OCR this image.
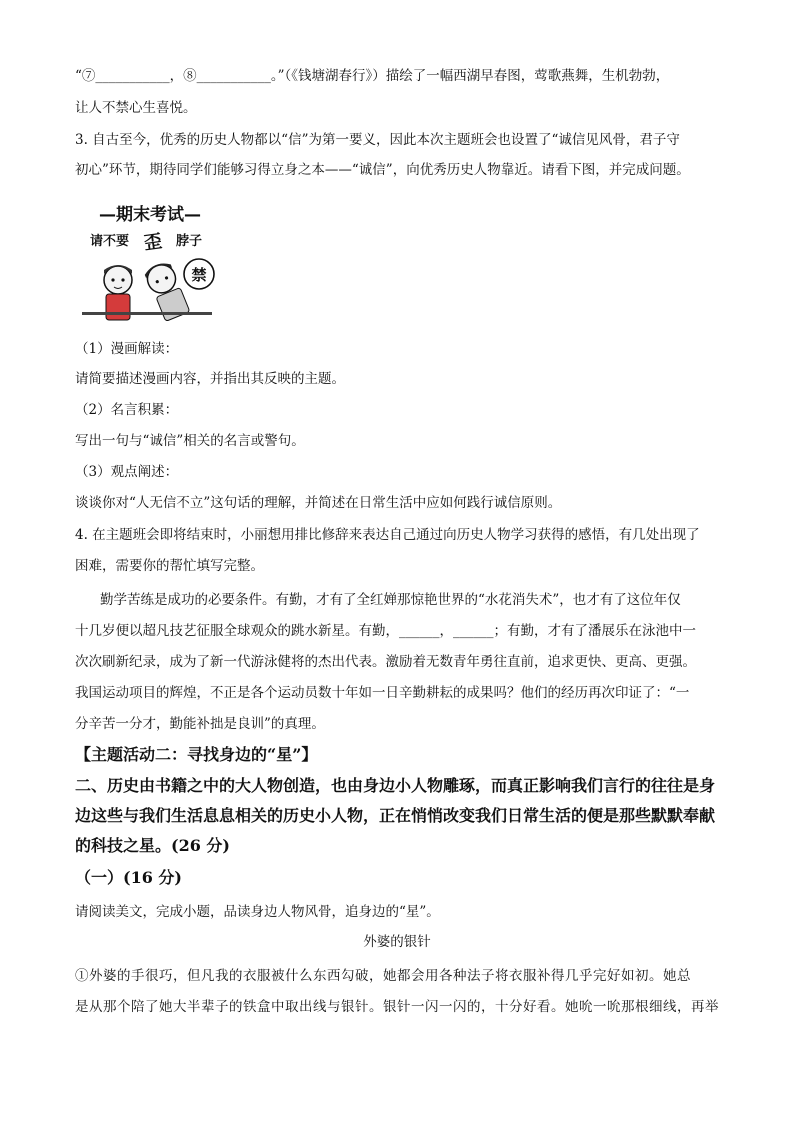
“⑦___________，⑧___________。”（《钱塘湖春行》）描绘了一幅西湖早春图，莺歌燕舞，生机勃勃，
让人不禁心生喜悦。
3. 自古至今，优秀的历史人物都以“信”为第一要义，因此本次主题班会也设置了“诚信见风骨，君子守
初心”环节，期待同学们能够习得立身之本——“诚信”，向优秀历史人物靠近。请看下图，并完成问题。
—期末考试—
请不要 歪 脖子
禁
（1）漫画解读：
请简要描述漫画内容，并指出其反映的主题。
（2）名言积累：
写出一句与“诚信”相关的名言或警句。
（3）观点阐述：
谈谈你对“人无信不立”这句话的理解，并简述在日常生活中应如何践行诚信原则。
4. 在主题班会即将结束时，小丽想用排比修辞来表达自己通过向历史人物学习获得的感悟，有几处出现了
困难，需要你的帮忙填写完整。
勤学苦练是成功的必要条件。有勤，才有了全红婵那惊艳世界的“水花消失术”，也才有了这位年仅
十几岁便以超凡技艺征服全球观众的跳水新星。有勤，______，______；有勤，才有了潘展乐在泳池中一
次次刷新纪录，成为了新一代游泳健将的杰出代表。激励着无数青年勇往直前，追求更快、更高、更强。
我国运动项目的辉煌，不正是各个运动员数十年如一日辛勤耕耘的成果吗？他们的经历再次印证了：“一
分辛苦一分才，勤能补拙是良训”的真理。
【主题活动二：寻找身边的“星”】
二、历史由书籍之中的大人物创造，也由身边小人物雕琢，而真正影响我们言行的往往是身
边这些与我们生活息息相关的历史小人物，正在悄悄改变我们日常生活的便是那些默默奉献
的科技之星。(26 分)
（一）(16 分)
请阅读美文，完成小题，品读身边人物风骨，追身边的“星”。
外婆的银针
①外婆的手很巧，但凡我的衣服被什么东西勾破，她都会用各种法子将衣服补得几乎完好如初。她总
是从那个陪了她大半辈子的铁盒中取出线与银针。银针一闪一闪的，十分好看。她吮一吮那根细线，再举
